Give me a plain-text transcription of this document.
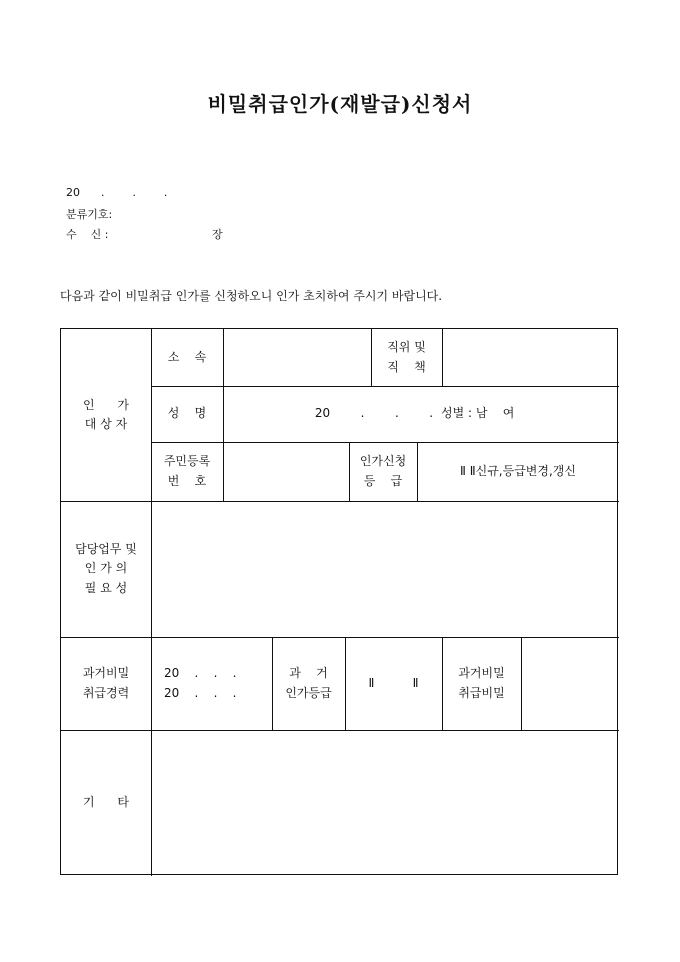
비밀취급인가(재발급)신청서
20      .        .        .
분류기호:
수    신 :	장
다음과 같이 비밀취급 인가를 신청하오니 인가 초치하여 주시기 바랍니다.
인      가
대 상 자
소    속
직위 및
직    책
성    명	20        .        .        . 성별 : 남    여
주민등록
번    호
인가신청
등    급
Ⅱ Ⅱ신규,등급변경,갱신
담당업무 및
인 가 의
필 요 성
과거비밀
취급경력
20    .    .    .
20    .    .    .
과    거
인가등급
Ⅱ          Ⅱ
과거비밀
취급비밀
기      타
